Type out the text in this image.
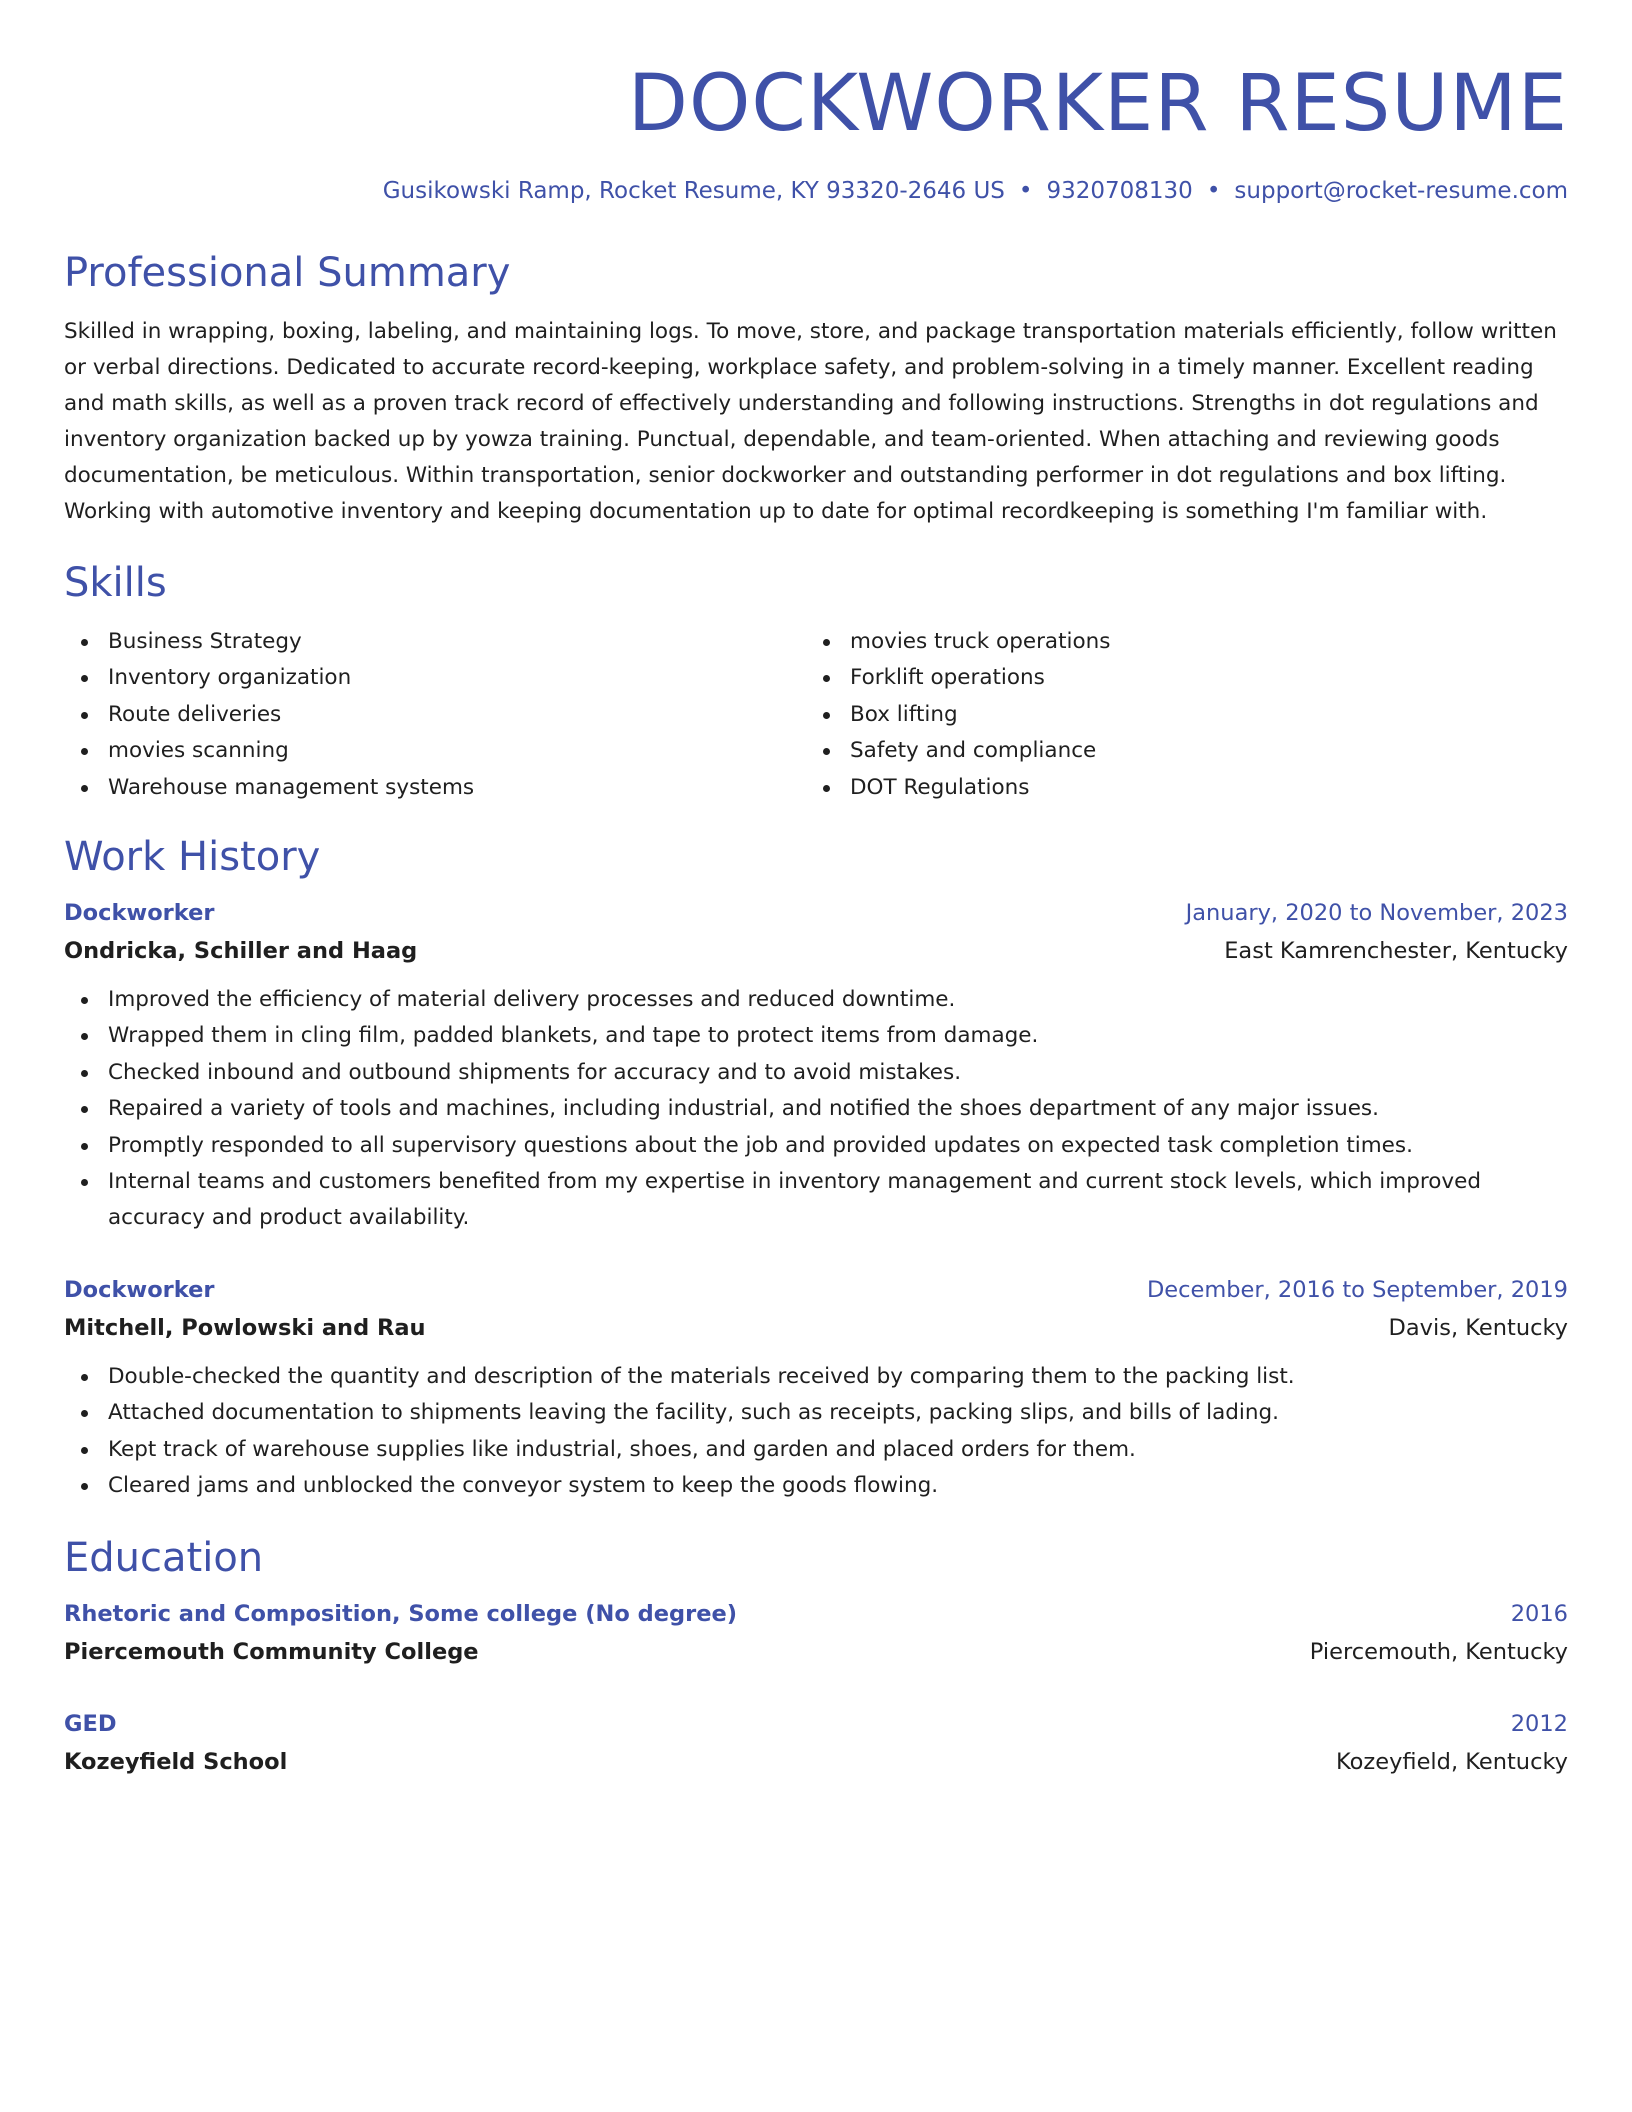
DOCKWORKER RESUME
Gusikowski Ramp, Rocket Resume, KY 93320-2646 US • 9320708130 • support@rocket-resume.com
Professional Summary

Skilled in wrapping, boxing, labeling, and maintaining logs. To move, store, and package transportation materials efficiently, follow written or verbal directions. Dedicated to accurate record-keeping, workplace safety, and problem-solving in a timely manner. Excellent reading and math skills, as well as a proven track record of effectively understanding and following instructions. Strengths in dot regulations and inventory organization backed up by yowza training. Punctual, dependable, and team-oriented. When attaching and reviewing goods documentation, be meticulous. Within transportation, senior dockworker and outstanding performer in dot regulations and box lifting. Working with automotive inventory and keeping documentation up to date for optimal recordkeeping is something I'm familiar with.

Skills
Business Strategy
Inventory organization
Route deliveries
movies scanning
Warehouse management systems
movies truck operations
Forklift operations
Box lifting
Safety and compliance
DOT Regulations
Work History
Dockworker	January, 2020 to November, 2023
Ondricka, Schiller and Haag	East Kamrenchester, Kentucky
Improved the efficiency of material delivery processes and reduced downtime.
Wrapped them in cling film, padded blankets, and tape to protect items from damage.
Checked inbound and outbound shipments for accuracy and to avoid mistakes.
Repaired a variety of tools and machines, including industrial, and notified the shoes department of any major issues.
Promptly responded to all supervisory questions about the job and provided updates on expected task completion times.
Internal teams and customers benefited from my expertise in inventory management and current stock levels, which improved accuracy and product availability.
Dockworker	December, 2016 to September, 2019
Mitchell, Powlowski and Rau	Davis, Kentucky
Double-checked the quantity and description of the materials received by comparing them to the packing list.
Attached documentation to shipments leaving the facility, such as receipts, packing slips, and bills of lading.
Kept track of warehouse supplies like industrial, shoes, and garden and placed orders for them.
Cleared jams and unblocked the conveyor system to keep the goods flowing.
Education
Rhetoric and Composition, Some college (No degree)	2016
Piercemouth Community College	Piercemouth, Kentucky
GED	2012
Kozeyfield School	Kozeyfield, Kentucky
